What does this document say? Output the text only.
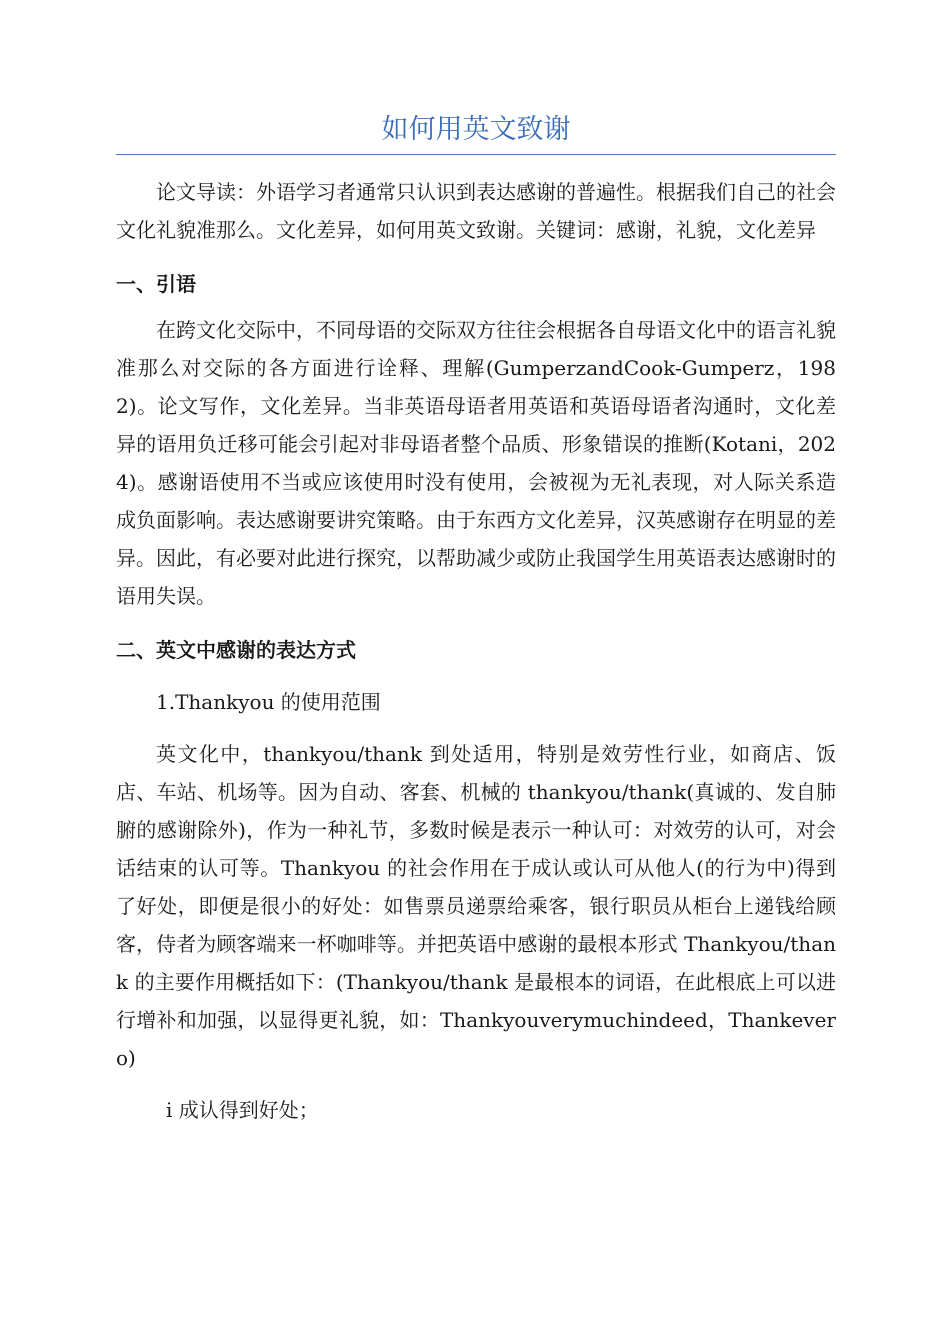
如何用英文致谢

论文导读：外语学习者通常只认识到表达感谢的普遍性。根据我们自己的社会文化礼貌准那么。文化差异，如何用英文致谢。关键词：感谢，礼貌，文化差异

一、引语

在跨文化交际中，不同母语的交际双方往往会根据各自母语文化中的语言礼貌准那么对交际的各方面进行诠释、理解(GumperzandCook-Gumperz，1982)。论文写作，文化差异。当非英语母语者用英语和英语母语者沟通时，文化差异的语用负迁移可能会引起对非母语者整个品质、形象错误的推断(Kotani，2024)。感谢语使用不当或应该使用时没有使用，会被视为无礼表现，对人际关系造成负面影响。表达感谢要讲究策略。由于东西方文化差异，汉英感谢存在明显的差异。因此，有必要对此进行探究，以帮助减少或防止我国学生用英语表达感谢时的语用失误。

二、英文中感谢的表达方式

1.Thankyou 的使用范围

英文化中，thankyou/thank 到处适用，特别是效劳性行业，如商店、饭店、车站、机场等。因为自动、客套、机械的 thankyou/thank(真诚的、发自肺腑的感谢除外)，作为一种礼节，多数时候是表示一种认可：对效劳的认可，对会话结束的认可等。Thankyou 的社会作用在于成认或认可从他人(的行为中)得到了好处，即便是很小的好处：如售票员递票给乘客，银行职员从柜台上递钱给顾客，侍者为顾客端来一杯咖啡等。并把英语中感谢的最根本形式 Thankyou/thank 的主要作用概括如下：(Thankyou/thank 是最根本的词语，在此根底上可以进行增补和加强，以显得更礼貌，如：Thankyouverymuchindeed，Thankevero)

i 成认得到好处；
